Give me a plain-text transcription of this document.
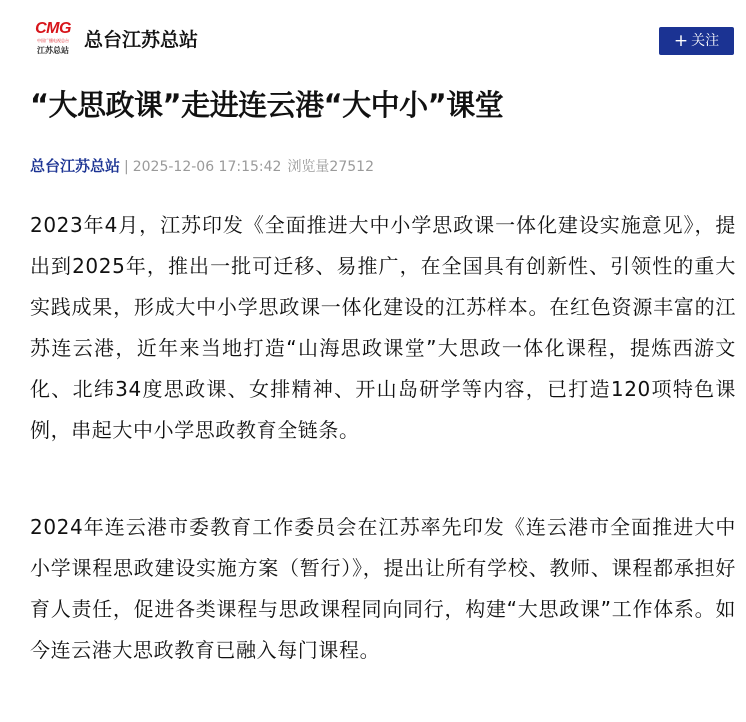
CMG
中国广播电视总台
江苏总站 总台江苏总站	+ 关注
“大思政课”走进连云港“大中小”课堂
总台江苏总站 | 2025-12-06 17:15:42 浏览量27512

2023年4月，江苏印发《全面推进大中小学思政课一体化建设实施意见》，提出到2025年，推出一批可迁移、易推广，在全国具有创新性、引领性的重大实践成果，形成大中小学思政课一体化建设的江苏样本。在红色资源丰富的江苏连云港，近年来当地打造“山海思政课堂”大思政一体化课程，提炼西游文化、北纬34度思政课、女排精神、开山岛研学等内容，已打造120项特色课例，串起大中小学思政教育全链条。

2024年连云港市委教育工作委员会在江苏率先印发《连云港市全面推进大中小学课程思政建设实施方案（暂行）》，提出让所有学校、教师、课程都承担好育人责任，促进各类课程与思政课程同向同行，构建“大思政课”工作体系。如今连云港大思政教育已融入每门课程。
